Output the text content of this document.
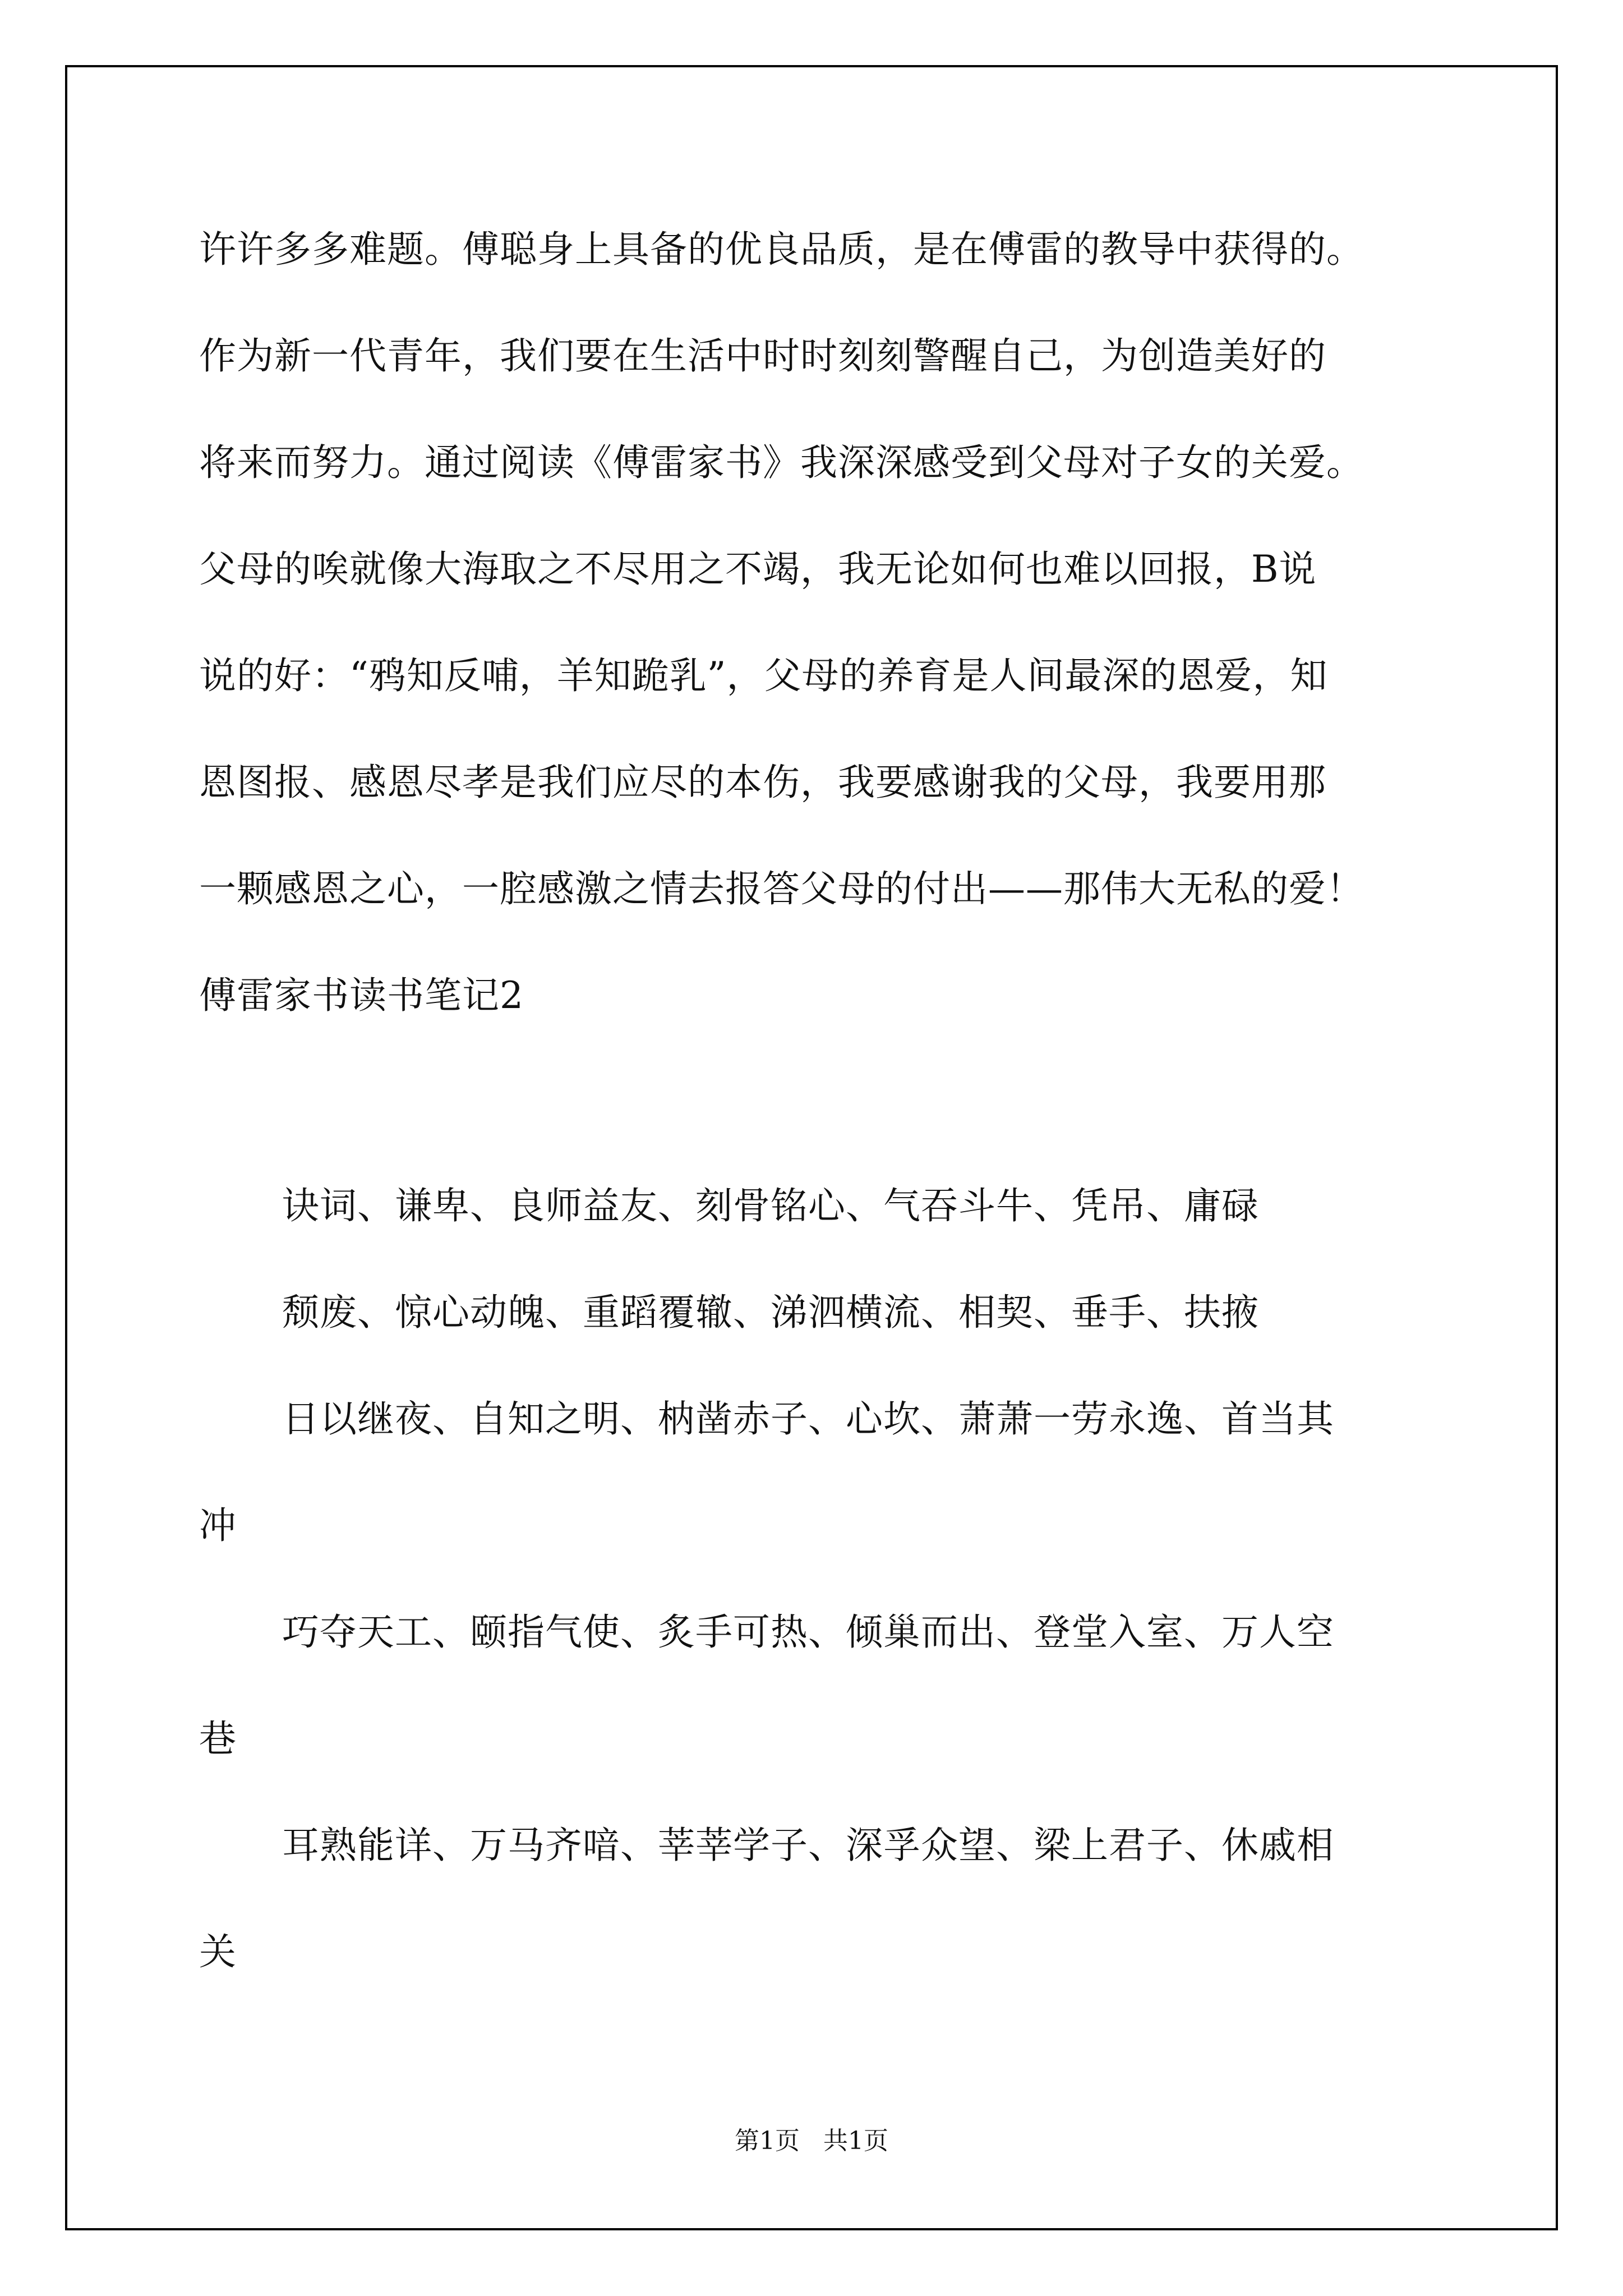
许许多多难题。傅聪身上具备的优良品质，是在傅雷的教导中获得的。
作为新一代青年，我们要在生活中时时刻刻警醒自己，为创造美好的
将来而努力。通过阅读《傅雷家书》我深深感受到父母对子女的关爱。
父母的唉就像大海取之不尽用之不竭，我无论如何也难以回报，B说
说的好：“鸦知反哺，羊知跪乳”，父母的养育是人间最深的恩爱，知
恩图报、感恩尽孝是我们应尽的本伤，我要感谢我的父母，我要用那
一颗感恩之心，一腔感激之情去报答父母的付出——那伟大无私的爱！
傅雷家书读书笔记2
诀词、谦卑、良师益友、刻骨铭心、气吞斗牛、凭吊、庸碌
颓废、惊心动魄、重蹈覆辙、涕泗横流、相契、垂手、扶掖
日以继夜、自知之明、枘凿赤子、心坎、萧萧一劳永逸、首当其
冲
巧夺天工、颐指气使、炙手可热、倾巢而出、登堂入室、万人空
巷
耳熟能详、万马齐喑、莘莘学子、深孚众望、梁上君子、休戚相
关
第1页 共1页
